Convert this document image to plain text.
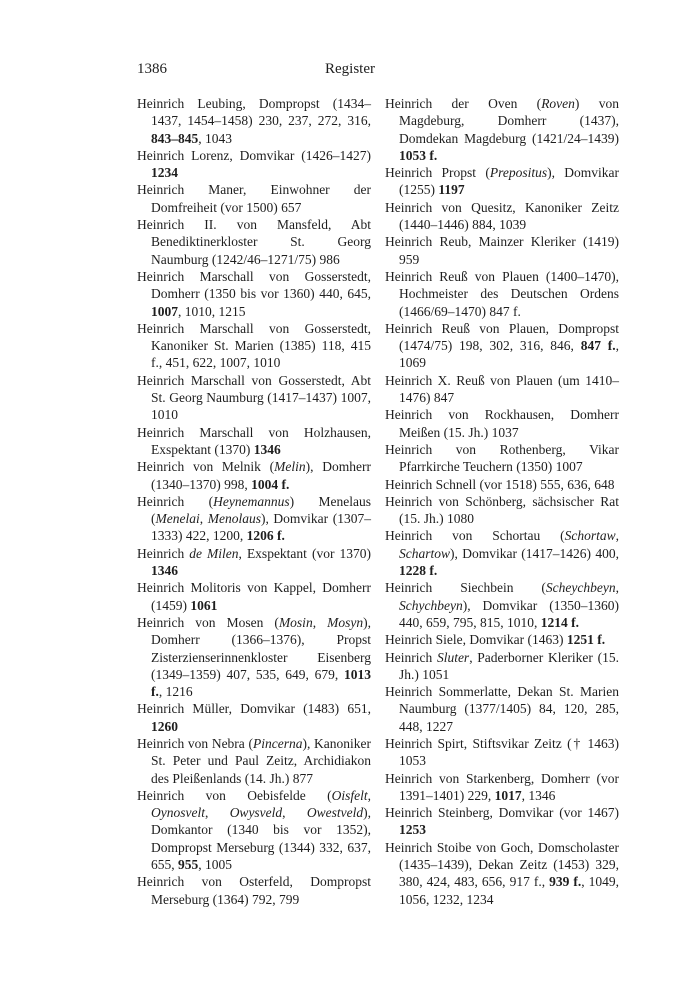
1386	Register
Heinrich Leubing, Dompropst (1434–1437, 1454–1458) 230, 237, 272, 316, 843–845, 1043
Heinrich Lorenz, Domvikar (1426–1427) 1234
Heinrich Maner, Einwohner der Domfreiheit (vor 1500) 657
Heinrich II. von Mansfeld, Abt Benediktinerkloster St. Georg Naumburg (1242/46–1271/75) 986
Heinrich Marschall von Gosserstedt, Domherr (1350 bis vor 1360) 440, 645, 1007, 1010, 1215
Heinrich Marschall von Gosserstedt, Kanoniker St. Marien (1385) 118, 415 f., 451, 622, 1007, 1010
Heinrich Marschall von Gosserstedt, Abt St. Georg Naumburg (1417–1437) 1007, 1010
Heinrich Marschall von Holzhausen, Exspektant (1370) 1346
Heinrich von Melnik (Melin), Domherr (1340–1370) 998, 1004 f.
Heinrich (Heynemannus) Menelaus (Menelai, Menolaus), Domvikar (1307–1333) 422, 1200, 1206 f.
Heinrich de Milen, Exspektant (vor 1370) 1346
Heinrich Molitoris von Kappel, Domherr (1459) 1061
Heinrich von Mosen (Mosin, Mosyn), Domherr (1366–1376), Propst Zisterzienserinnenkloster Eisenberg (1349–1359) 407, 535, 649, 679, 1013 f., 1216
Heinrich Müller, Domvikar (1483) 651, 1260
Heinrich von Nebra (Pincerna), Kanoniker St. Peter und Paul Zeitz, Archidiakon des Pleißenlands (14. Jh.) 877
Heinrich von Oebisfelde (Oisfelt, Oynosvelt, Owysveld, Owestveld), Domkantor (1340 bis vor 1352), Dompropst Merseburg (1344) 332, 637, 655, 955, 1005
Heinrich von Osterfeld, Dompropst Merseburg (1364) 792, 799
Heinrich der Oven (Roven) von Magdeburg, Domherr (1437), Domdekan Magdeburg (1421/24–1439) 1053 f.
Heinrich Propst (Prepositus), Domvikar (1255) 1197
Heinrich von Quesitz, Kanoniker Zeitz (1440–1446) 884, 1039
Heinrich Reub, Mainzer Kleriker (1419) 959
Heinrich Reuß von Plauen (1400–1470), Hochmeister des Deutschen Ordens (1466/69–1470) 847 f.
Heinrich Reuß von Plauen, Dompropst (1474/75) 198, 302, 316, 846, 847 f., 1069
Heinrich X. Reuß von Plauen (um 1410–1476) 847
Heinrich von Rockhausen, Domherr Meißen (15. Jh.) 1037
Heinrich von Rothenberg, Vikar Pfarrkirche Teuchern (1350) 1007
Heinrich Schnell (vor 1518) 555, 636, 648
Heinrich von Schönberg, sächsischer Rat (15. Jh.) 1080
Heinrich von Schortau (Schortaw, Schartow), Domvikar (1417–1426) 400, 1228 f.
Heinrich Siechbein (Scheychbeyn, Schychbeyn), Domvikar (1350–1360) 440, 659, 795, 815, 1010, 1214 f.
Heinrich Siele, Domvikar (1463) 1251 f.
Heinrich Sluter, Paderborner Kleriker (15. Jh.) 1051
Heinrich Sommerlatte, Dekan St. Marien Naumburg (1377/1405) 84, 120, 285, 448, 1227
Heinrich Spirt, Stiftsvikar Zeitz († 1463) 1053
Heinrich von Starkenberg, Domherr (vor 1391–1401) 229, 1017, 1346
Heinrich Steinberg, Domvikar (vor 1467) 1253
Heinrich Stoibe von Goch, Domscholaster (1435–1439), Dekan Zeitz (1453) 329, 380, 424, 483, 656, 917 f., 939 f., 1049, 1056, 1232, 1234
